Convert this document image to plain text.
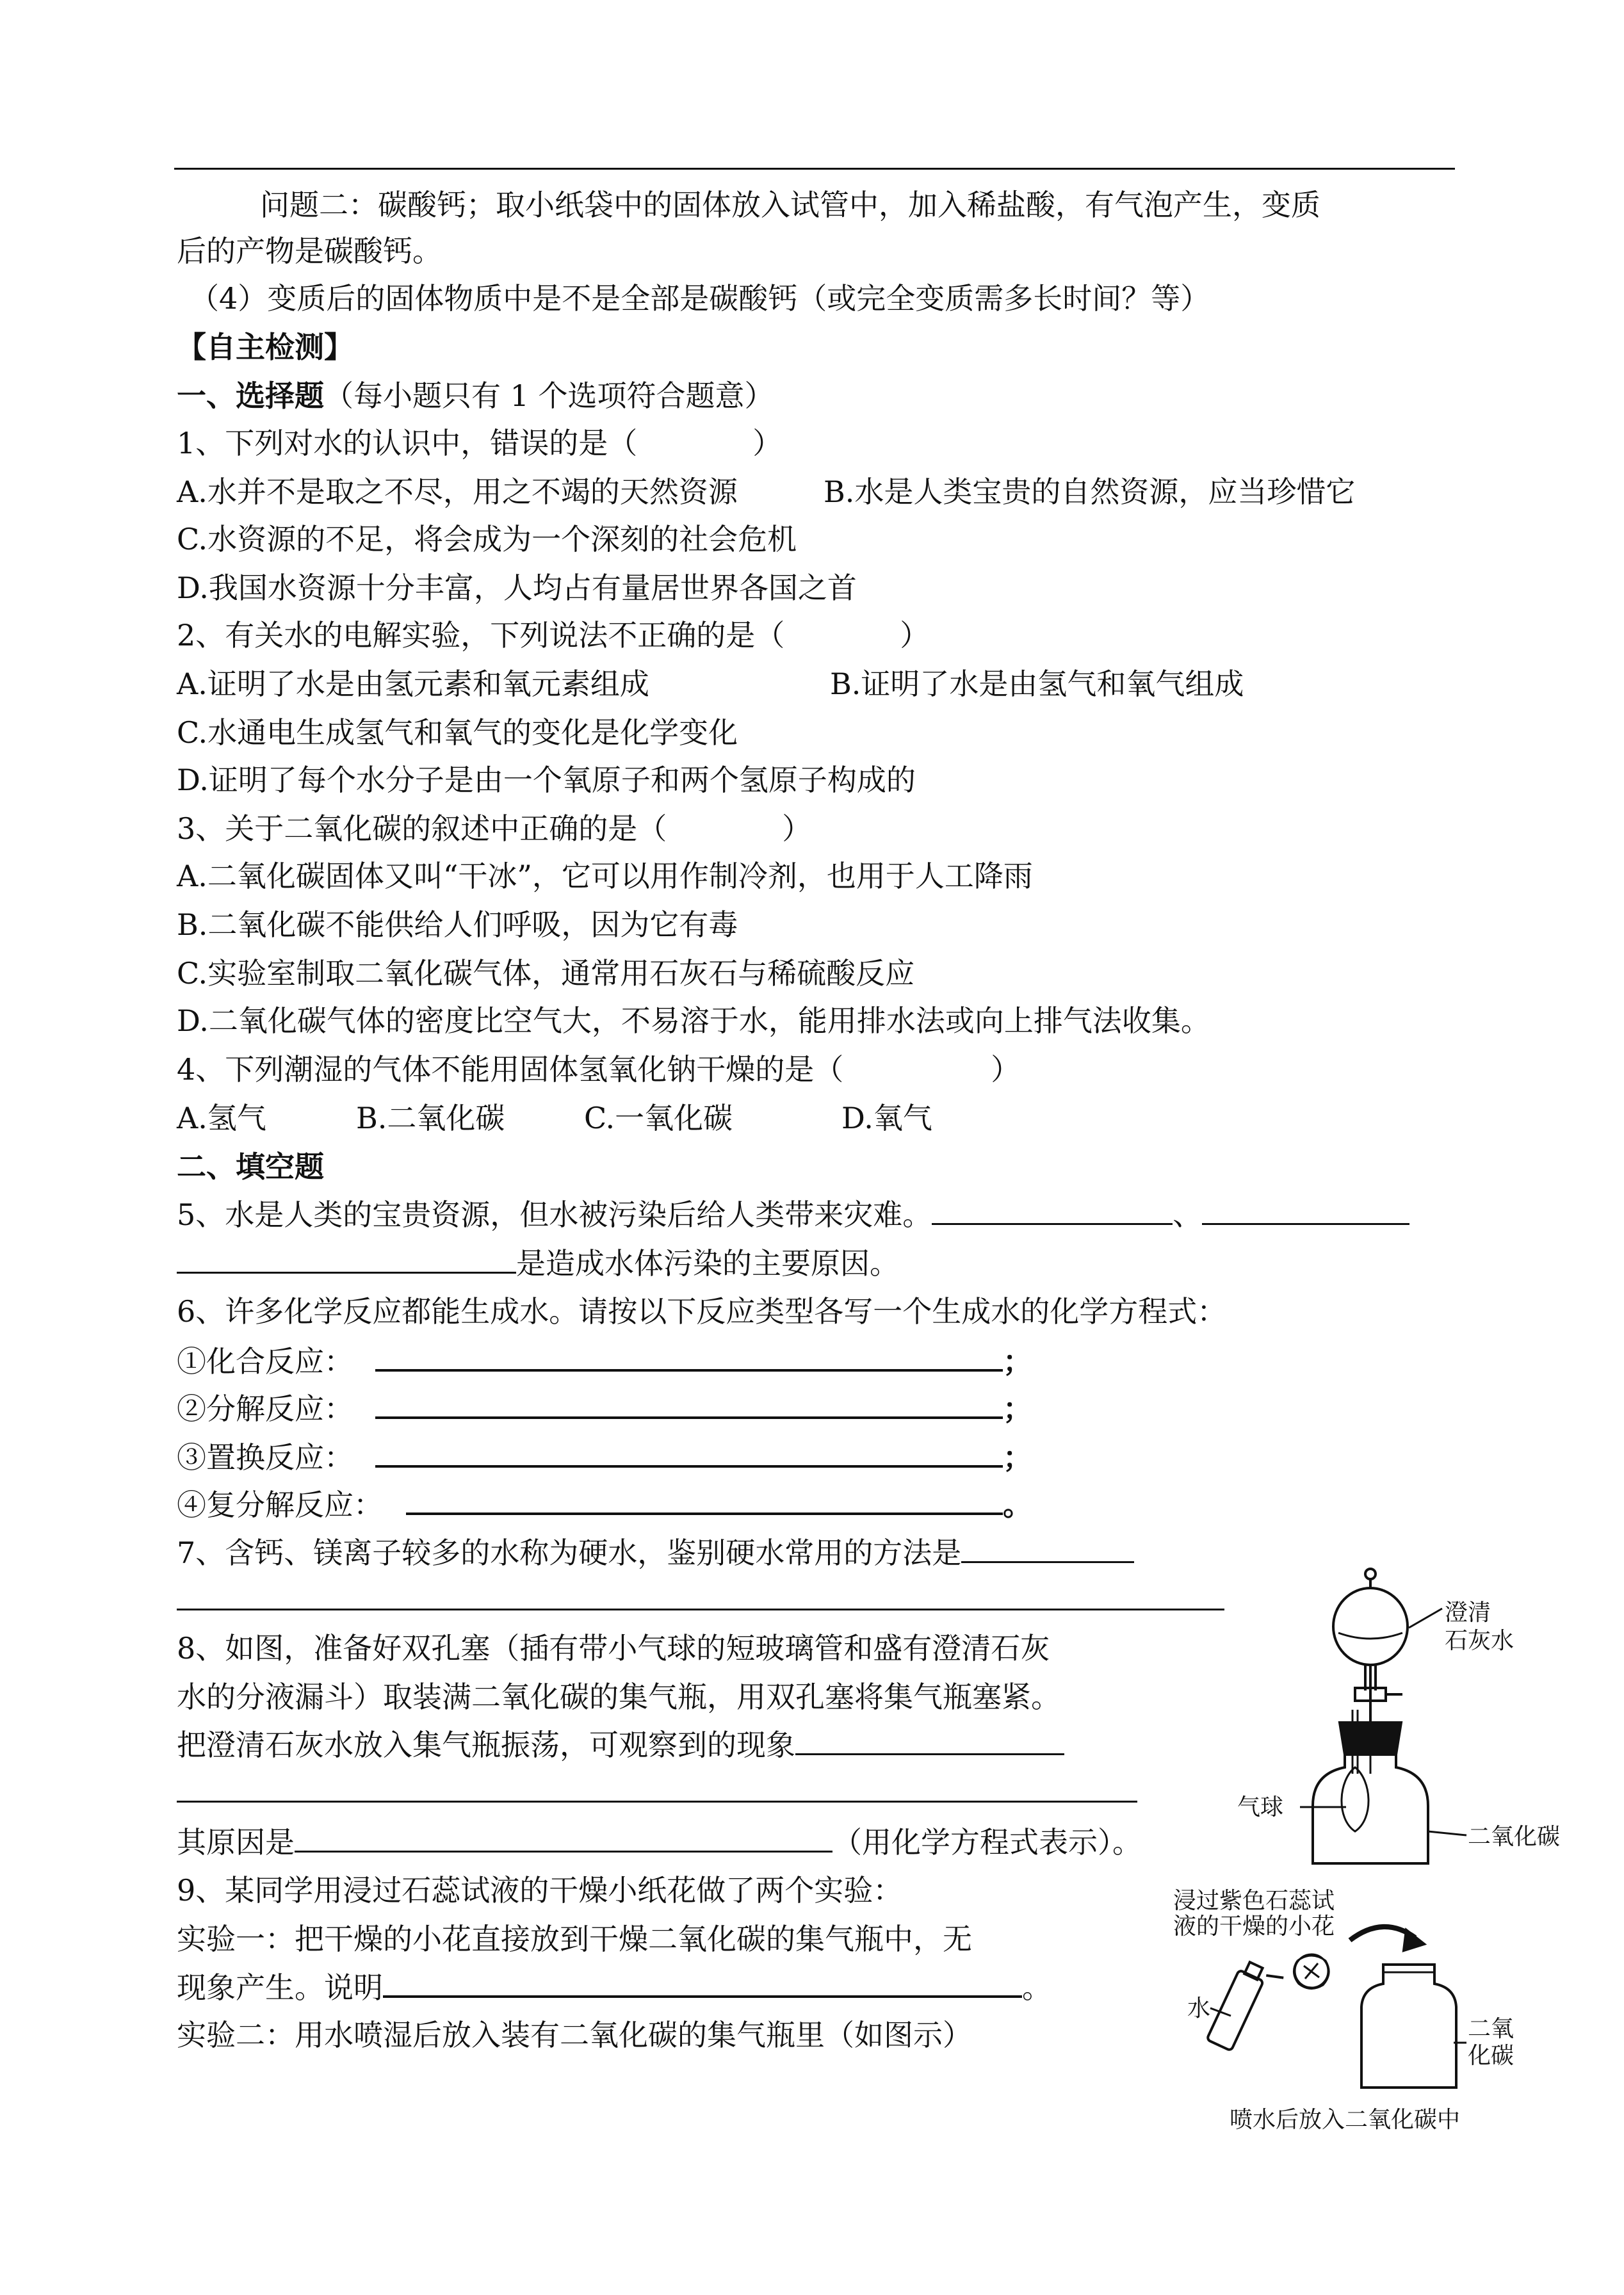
问题二：碳酸钙；取小纸袋中的固体放入试管中，加入稀盐酸，有气泡产生，变质
后的产物是碳酸钙。
（4）变质后的固体物质中是不是全部是碳酸钙（或完全变质需多长时间？等）
【自主检测】
一、选择题（每小题只有 1 个选项符合题意）
1、下列对水的认识中，错误的是（	）
A.水并不是取之不尽，用之不竭的天然资源	B.水是人类宝贵的自然资源，应当珍惜它
C.水资源的不足，将会成为一个深刻的社会危机
D.我国水资源十分丰富，人均占有量居世界各国之首
2、有关水的电解实验，下列说法不正确的是（	）
A.证明了水是由氢元素和氧元素组成	B.证明了水是由氢气和氧气组成
C.水通电生成氢气和氧气的变化是化学变化
D.证明了每个水分子是由一个氧原子和两个氢原子构成的
3、关于二氧化碳的叙述中正确的是（	）
A.二氧化碳固体又叫“干冰”，它可以用作制冷剂，也用于人工降雨
B.二氧化碳不能供给人们呼吸，因为它有毒
C.实验室制取二氧化碳气体，通常用石灰石与稀硫酸反应
D.二氧化碳气体的密度比空气大，不易溶于水，能用排水法或向上排气法收集。
4、下列潮湿的气体不能用固体氢氧化钠干燥的是（	）
A.氢气	B.二氧化碳	C.一氧化碳	D.氧气
二、填空题
5、水是人类的宝贵资源，但水被污染后给人类带来灾难。	、
是造成水体污染的主要原因。
6、许多化学反应都能生成水。请按以下反应类型各写一个生成水的化学方程式：
①化合反应：	；
②分解反应：	；
③置换反应：	；
④复分解反应：	。
7、含钙、镁离子较多的水称为硬水，鉴别硬水常用的方法是
8、如图，准备好双孔塞（插有带小气球的短玻璃管和盛有澄清石灰
水的分液漏斗）取装满二氧化碳的集气瓶，用双孔塞将集气瓶塞紧。
把澄清石灰水放入集气瓶振荡，可观察到的现象
其原因是	（用化学方程式表示）。
9、某同学用浸过石蕊试液的干燥小纸花做了两个实验：
实验一：把干燥的小花直接放到干燥二氧化碳的集气瓶中，无
现象产生。说明	。
实验二：用水喷湿后放入装有二氧化碳的集气瓶里（如图示）
澄清
石灰水
气球
二氧化碳
浸过紫色石蕊试
液的干燥的小花
水
二氧
化碳
喷水后放入二氧化碳中
